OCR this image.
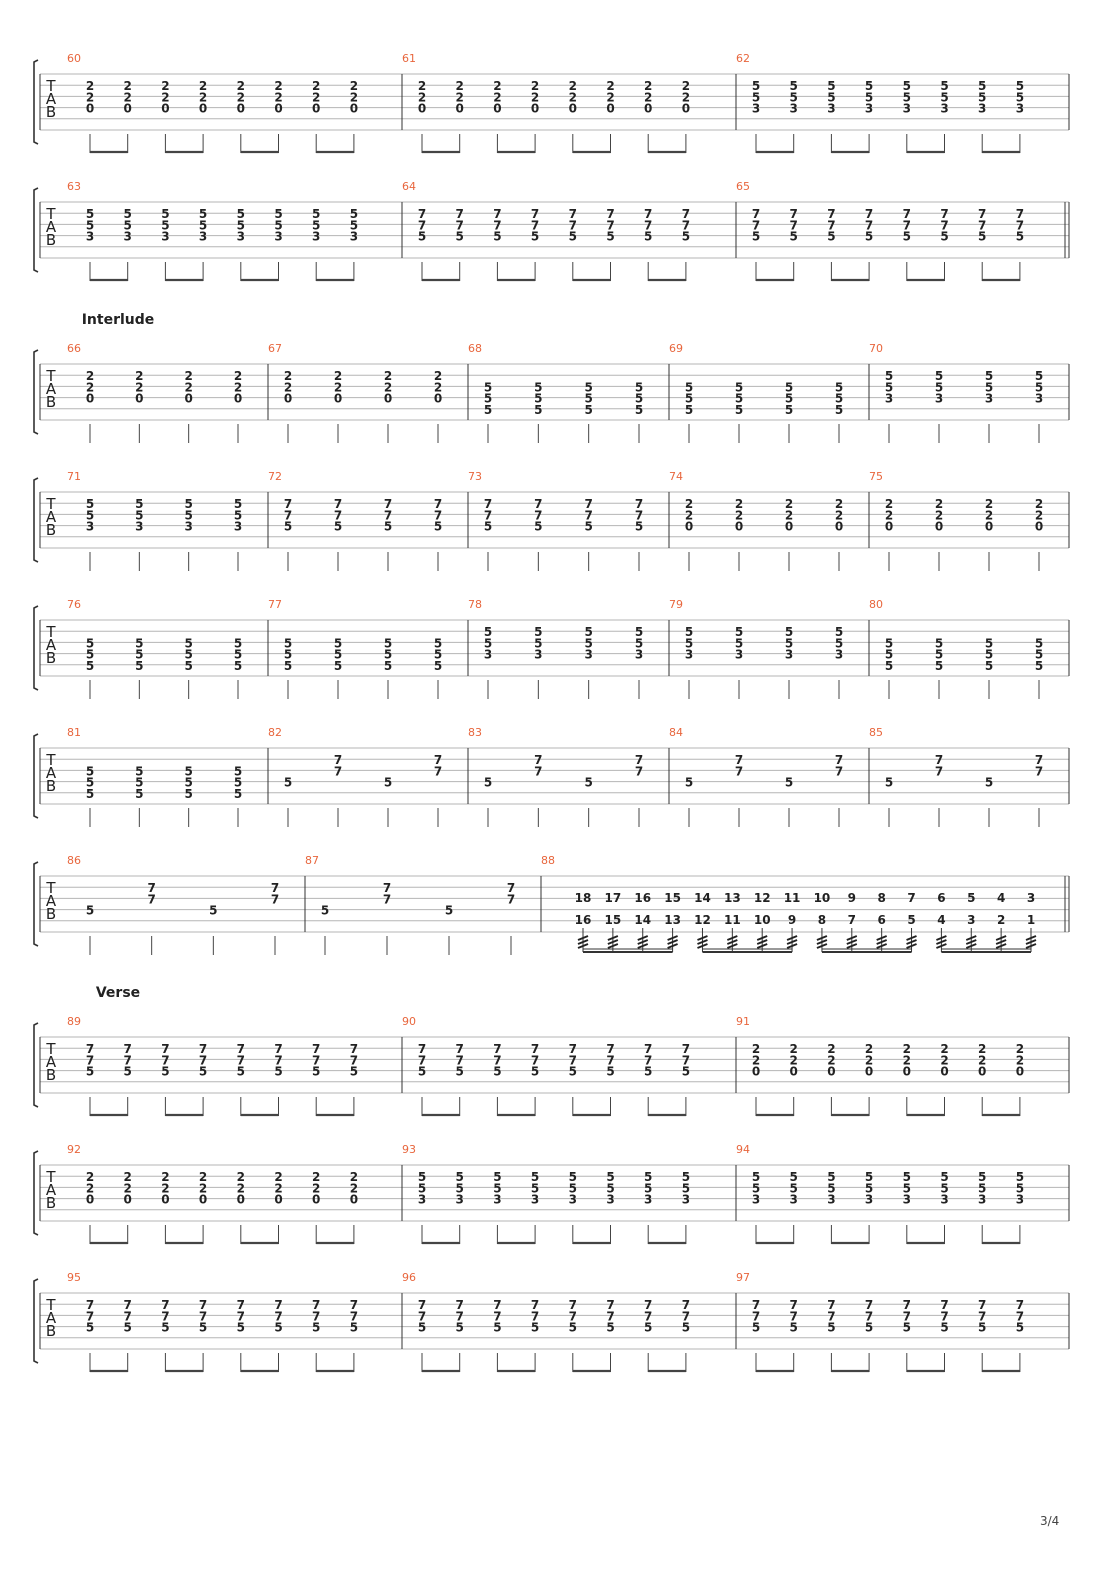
T
A
B
60
2
2
0
2
2
0
2
2
0
2
2
0
2
2
0
2
2
0
2
2
0
2
2
0
61
2
2
0
2
2
0
2
2
0
2
2
0
2
2
0
2
2
0
2
2
0
2
2
0
62
5
5
3
5
5
3
5
5
3
5
5
3
5
5
3
5
5
3
5
5
3
5
5
3
T
A
B
63
5
5
3
5
5
3
5
5
3
5
5
3
5
5
3
5
5
3
5
5
3
5
5
3
64
7
7
5
7
7
5
7
7
5
7
7
5
7
7
5
7
7
5
7
7
5
7
7
5
65
7
7
5
7
7
5
7
7
5
7
7
5
7
7
5
7
7
5
7
7
5
7
7
5
T
A
B
Interlude
66
2
2
0
2
2
0
2
2
0
2
2
0
67
2
2
0
2
2
0
2
2
0
2
2
0
68
5
5
5
5
5
5
5
5
5
5
5
5
69
5
5
5
5
5
5
5
5
5
5
5
5
70
5
5
3
5
5
3
5
5
3
5
5
3
T
A
B
71
5
5
3
5
5
3
5
5
3
5
5
3
72
7
7
5
7
7
5
7
7
5
7
7
5
73
7
7
5
7
7
5
7
7
5
7
7
5
74
2
2
0
2
2
0
2
2
0
2
2
0
75
2
2
0
2
2
0
2
2
0
2
2
0
T
A
B
76
5
5
5
5
5
5
5
5
5
5
5
5
77
5
5
5
5
5
5
5
5
5
5
5
5
78
5
5
3
5
5
3
5
5
3
5
5
3
79
5
5
3
5
5
3
5
5
3
5
5
3
80
5
5
5
5
5
5
5
5
5
5
5
5
T
A
B
81
5
5
5
5
5
5
5
5
5
5
5
5
82
5
7
7
5
7
7
83
5
7
7
5
7
7
84
5
7
7
5
7
7
85
5
7
7
5
7
7
T
A
B
86
5
7
7
5
7
7
87
5
7
7
5
7
7
88
18
16
17
15
16
14
15
13
14
12
13
11
12
10
11
9
10
8
9
7
8
6
7
5
6
4
5
3
4
2
3
1
T
A
B
Verse
89
7
7
5
7
7
5
7
7
5
7
7
5
7
7
5
7
7
5
7
7
5
7
7
5
90
7
7
5
7
7
5
7
7
5
7
7
5
7
7
5
7
7
5
7
7
5
7
7
5
91
2
2
0
2
2
0
2
2
0
2
2
0
2
2
0
2
2
0
2
2
0
2
2
0
T
A
B
92
2
2
0
2
2
0
2
2
0
2
2
0
2
2
0
2
2
0
2
2
0
2
2
0
93
5
5
3
5
5
3
5
5
3
5
5
3
5
5
3
5
5
3
5
5
3
5
5
3
94
5
5
3
5
5
3
5
5
3
5
5
3
5
5
3
5
5
3
5
5
3
5
5
3
T
A
B
95
7
7
5
7
7
5
7
7
5
7
7
5
7
7
5
7
7
5
7
7
5
7
7
5
96
7
7
5
7
7
5
7
7
5
7
7
5
7
7
5
7
7
5
7
7
5
7
7
5
97
7
7
5
7
7
5
7
7
5
7
7
5
7
7
5
7
7
5
7
7
5
7
7
5
3/4
